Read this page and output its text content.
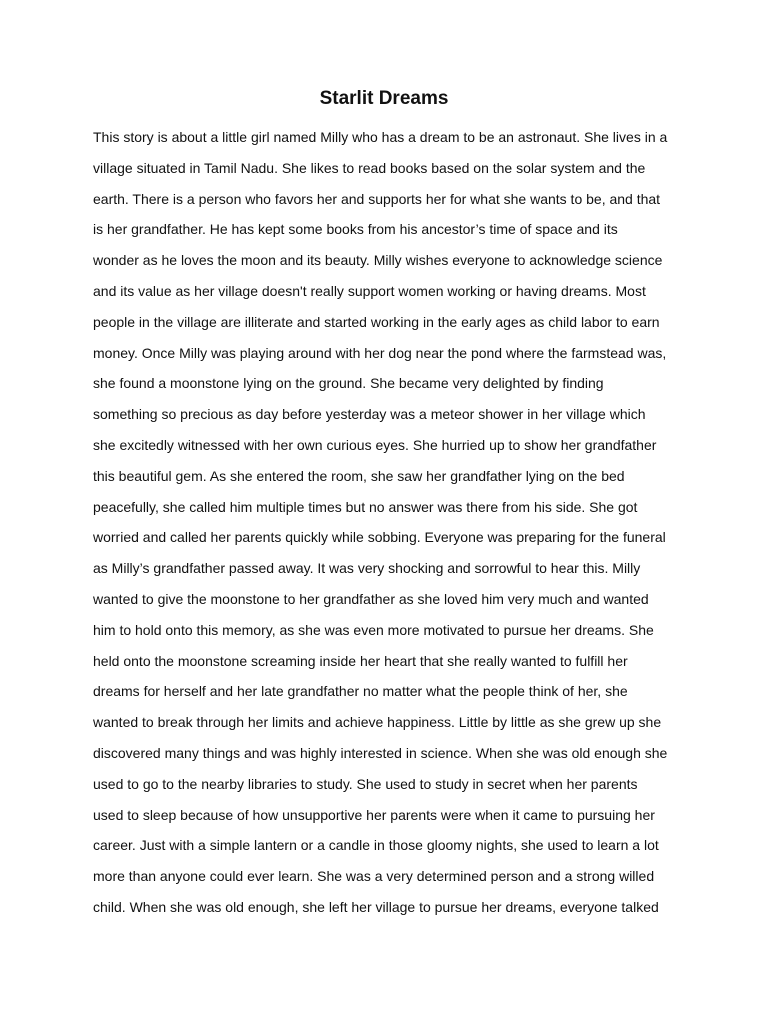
Starlit Dreams
This story is about a little girl named Milly who has a dream to be an astronaut. She lives in a
village situated in Tamil Nadu. She likes to read books based on the solar system and the
earth. There is a person who favors her and supports her for what she wants to be, and that
is her grandfather. He has kept some books from his ancestor’s time of space and its
wonder as he loves the moon and its beauty. Milly wishes everyone to acknowledge science
and its value as her village doesn't really support women working or having dreams. Most
people in the village are illiterate and started working in the early ages as child labor to earn
money. Once Milly was playing around with her dog near the pond where the farmstead was,
she found a moonstone lying on the ground. She became very delighted by finding
something so precious as day before yesterday was a meteor shower in her village which
she excitedly witnessed with her own curious eyes. She hurried up to show her grandfather
this beautiful gem. As she entered the room, she saw her grandfather lying on the bed
peacefully, she called him multiple times but no answer was there from his side. She got
worried and called her parents quickly while sobbing. Everyone was preparing for the funeral
as Milly’s grandfather passed away. It was very shocking and sorrowful to hear this. Milly
wanted to give the moonstone to her grandfather as she loved him very much and wanted
him to hold onto this memory, as she was even more motivated to pursue her dreams. She
held onto the moonstone screaming inside her heart that she really wanted to fulfill her
dreams for herself and her late grandfather no matter what the people think of her, she
wanted to break through her limits and achieve happiness. Little by little as she grew up she
discovered many things and was highly interested in science. When she was old enough she
used to go to the nearby libraries to study. She used to study in secret when her parents
used to sleep because of how unsupportive her parents were when it came to pursuing her
career. Just with a simple lantern or a candle in those gloomy nights, she used to learn a lot
more than anyone could ever learn. She was a very determined person and a strong willed
child. When she was old enough, she left her village to pursue her dreams, everyone talked
